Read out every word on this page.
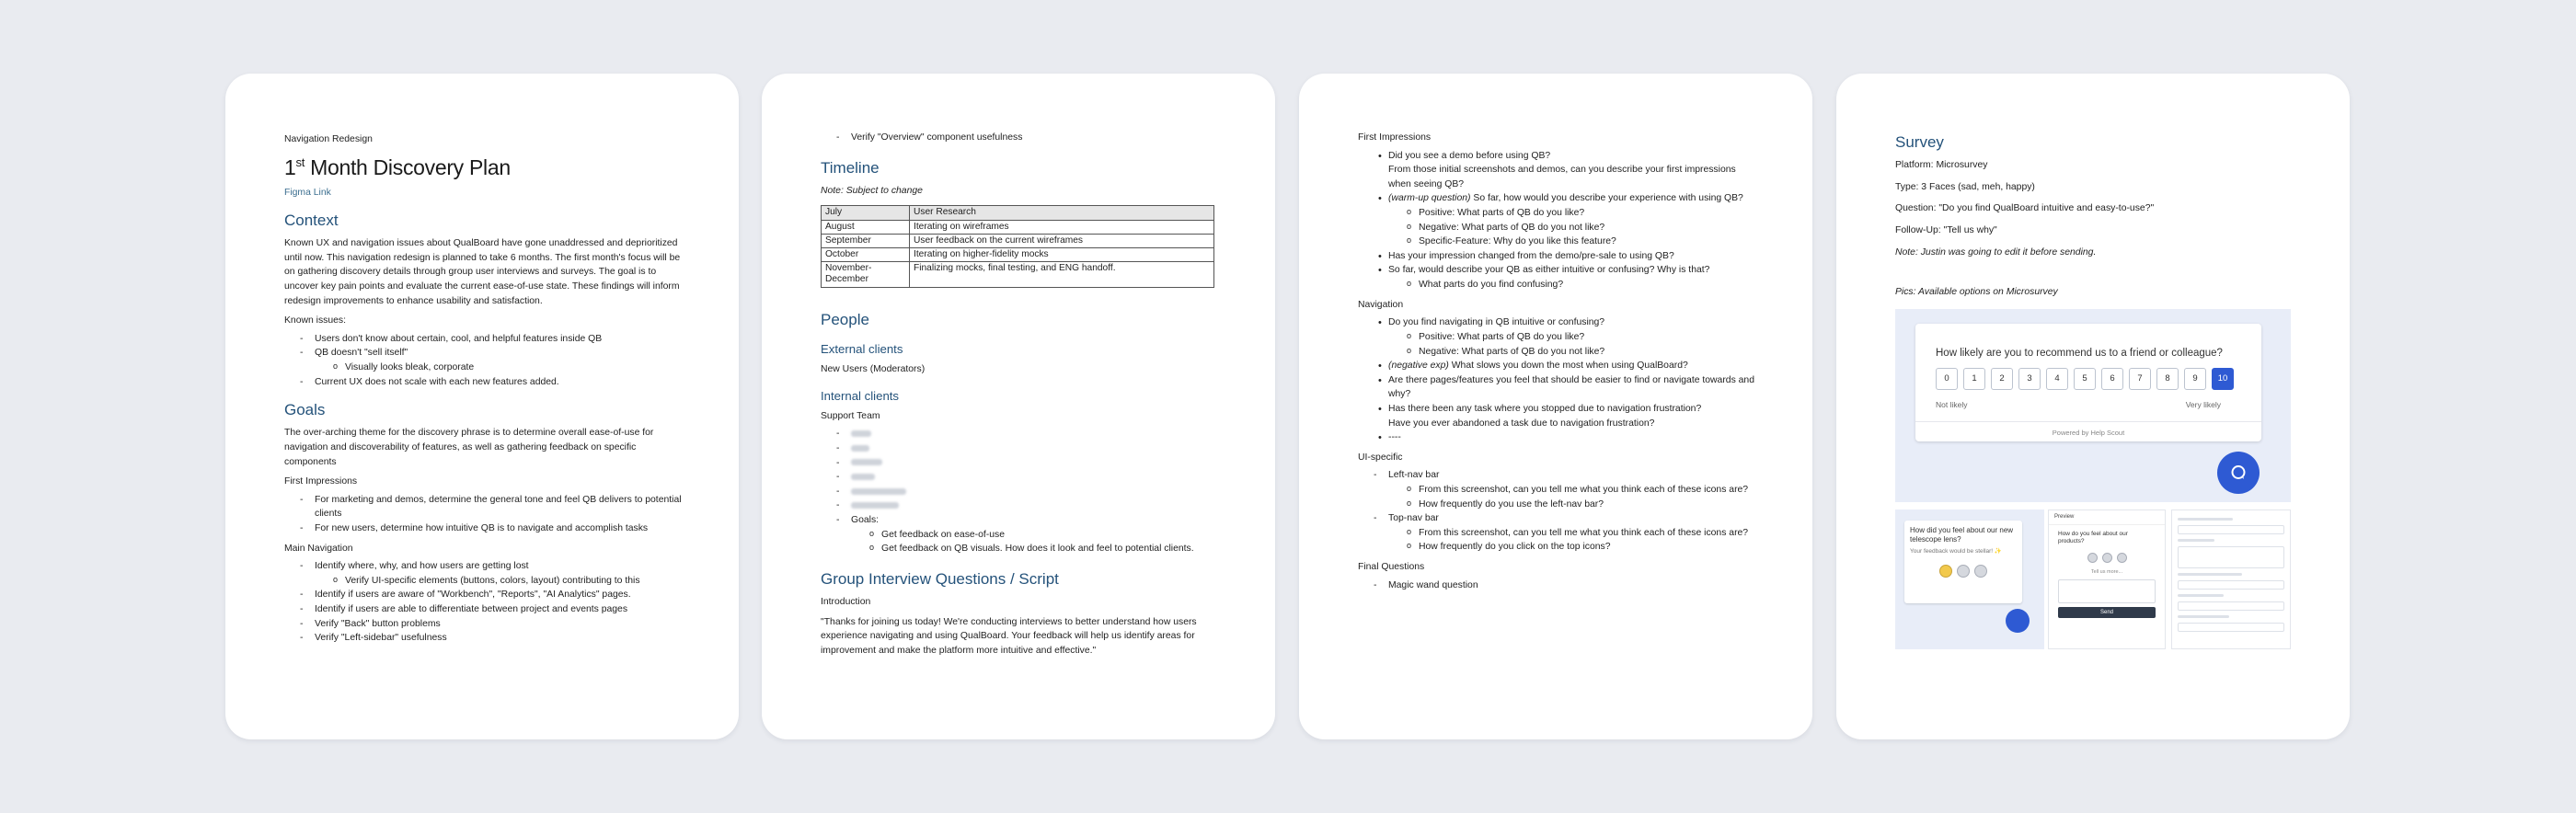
Navigation Redesign
1st Month Discovery Plan
Figma Link
Context
Known UX and navigation issues about QualBoard have gone unaddressed and deprioritized until now. This navigation redesign is planned to take 6 months. The first month's focus will be on gathering discovery details through group user interviews and surveys. The goal is to uncover key pain points and evaluate the current ease-of-use state. These findings will inform redesign improvements to enhance usability and satisfaction.
Known issues:
- Users don't know about certain, cool, and helpful features inside QB
- QB doesn't "sell itself"
o Visually looks bleak, corporate
- Current UX does not scale with each new features added.
Goals
The over-arching theme for the discovery phrase is to determine overall ease-of-use for navigation and discoverability of features, as well as gathering feedback on specific components
First Impressions
- For marketing and demos, determine the general tone and feel QB delivers to potential clients
- For new users, determine how intuitive QB is to navigate and accomplish tasks
Main Navigation
- Identify where, why, and how users are getting lost
o Verify UI-specific elements (buttons, colors, layout) contributing to this
- Identify if users are aware of "Workbench", "Reports", "AI Analytics" pages.
- Identify if users are able to differentiate between project and events pages
- Verify "Back" button problems
- Verify "Left-sidebar" usefulness
- Verify "Overview" component usefulness
Timeline
Note: Subject to change
July	User Research
August	Iterating on wireframes
September	User feedback on the current wireframes
October	Iterating on higher-fidelity mocks
November-December	Finalizing mocks, final testing, and ENG handoff.
People
External clients
New Users (Moderators)
Internal clients
Support Team
-
-
-
-
-
-
- Goals:
o Get feedback on ease-of-use
o Get feedback on QB visuals. How does it look and feel to potential clients.
Group Interview Questions / Script
Introduction
"Thanks for joining us today! We're conducting interviews to better understand how users experience navigating and using QualBoard. Your feedback will help us identify areas for improvement and make the platform more intuitive and effective."
First Impressions
• Did you see a demo before using QB?
From those initial screenshots and demos, can you describe your first impressions when seeing QB?
• (warm-up question) So far, how would you describe your experience with using QB?
o Positive: What parts of QB do you like?
o Negative: What parts of QB do you not like?
o Specific-Feature: Why do you like this feature?
• Has your impression changed from the demo/pre-sale to using QB?
• So far, would describe your QB as either intuitive or confusing? Why is that?
o What parts do you find confusing?
Navigation
• Do you find navigating in QB intuitive or confusing?
o Positive: What parts of QB do you like?
o Negative: What parts of QB do you not like?
• (negative exp) What slows you down the most when using QualBoard?
• Are there pages/features you feel that should be easier to find or navigate towards and why?
• Has there been any task where you stopped due to navigation frustration?
Have you ever abandoned a task due to navigation frustration?
• ----
UI-specific
- Left-nav bar
o From this screenshot, can you tell me what you think each of these icons are?
o How frequently do you use the left-nav bar?
- Top-nav bar
o From this screenshot, can you tell me what you think each of these icons are?
o How frequently do you click on the top icons?
Final Questions
- Magic wand question
Survey
Platform: Microsurvey
Type: 3 Faces (sad, meh, happy)
Question: "Do you find QualBoard intuitive and easy-to-use?"
Follow-Up: "Tell us why"
Note: Justin was going to edit it before sending.
Pics: Available options on Microsurvey
How likely are you to recommend us to a friend or colleague?
0	1	2	3	4	5	6	7	8	9	10
Not likely	Very likely
Powered by Help Scout
How did you feel about our new telescope lens?
Your feedback would be stellar! ✨
Preview
How do you feel about our products?
Tell us more...
Send
